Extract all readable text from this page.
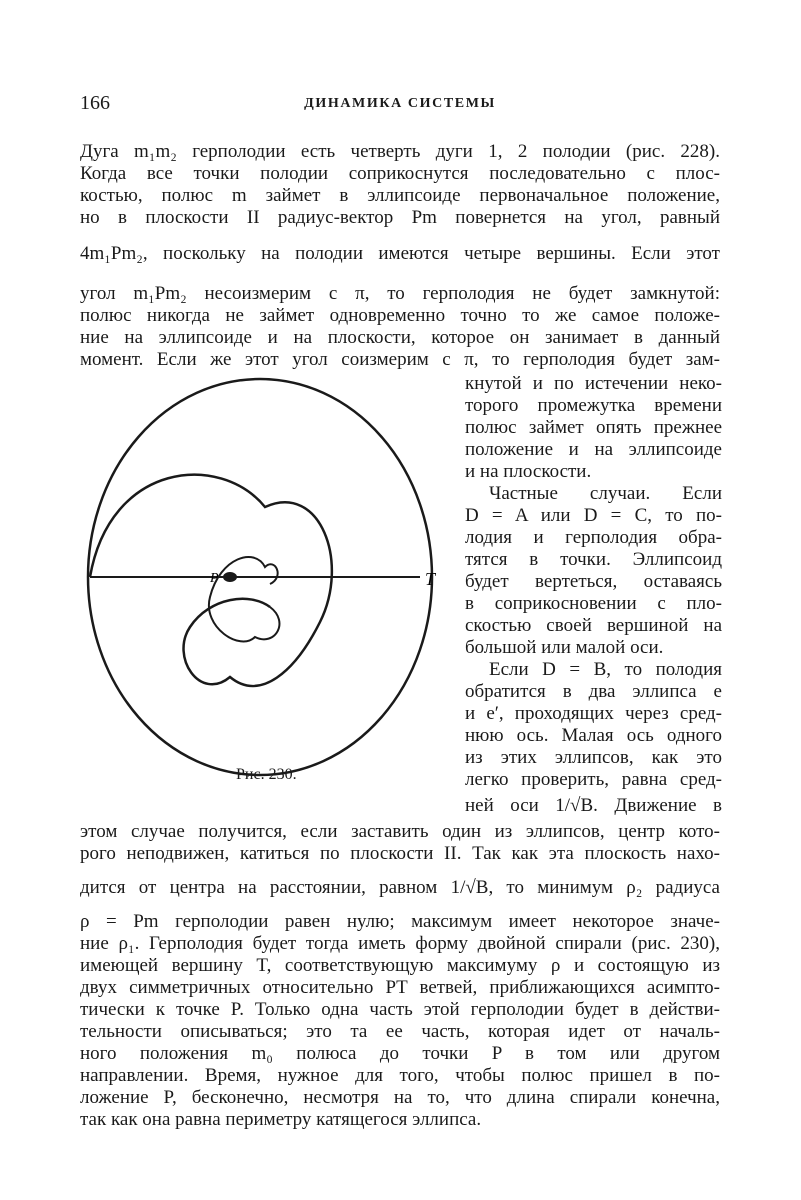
166	ДИНАМИКА СИСТЕМЫ
Дуга m₁m₂ герполодии есть четверть дуги 1, 2 полодии (рис. 228).
Когда все точки полодии соприкоснутся последовательно с плос-
костью, полюс m займет в эллипсоиде первоначальное положение,
но в плоскости II радиус-вектор Pm повернется на угол, равный
4m₁Pm₂, поскольку на полодии имеются четыре вершины. Если этот
угол m₁Pm₂ несоизмерим с π, то герполодия не будет замкнутой:
полюс никогда не займет одновременно точно то же самое положе-
ние на эллипсоиде и на плоскости, которое он занимает в данный
момент. Если же этот угол соизмерим с π, то герполодия будет зам-
кнутой и по истечении неко-
торого промежутка времени
полюс займет опять прежнее
положение и на эллипсоиде
и на плоскости.
Частные случаи. Если
D = A или D = C, то по-
лодия и герполодия обра-
тятся в точки. Эллипсоид
будет вертеться, оставаясь
в соприкосновении с пло-
скостью своей вершиной на
большой или малой оси.
Если D = B, то полодия
обратится в два эллипса e
и e′, проходящих через сред-
нюю ось. Малая ось одного
из этих эллипсов, как это
легко проверить, равна сред-
ней оси 1/√B. Движение в
этом случае получится, если заставить один из эллипсов, центр кото-
рого неподвижен, катиться по плоскости II. Так как эта плоскость нахо-
дится от центра на расстоянии, равном 1/√B, то минимум ρ₂ радиуса
ρ = Pm герполодии равен нулю; максимум имеет некоторое значе-
ние ρ₁. Герполодия будет тогда иметь форму двойной спирали (рис. 230),
имеющей вершину T, соответствующую максимуму ρ и состоящую из
двух симметричных относительно PT ветвей, приближающихся асимпто-
тически к точке P. Только одна часть этой герполодии будет в действи-
тельности описываться; это та ее часть, которая идет от началь-
ного положения m₀ полюса до точки P в том или другом
направлении. Время, нужное для того, чтобы полюс пришел в по-
ложение P, бесконечно, несмотря на то, что длина спирали конечна,
так как она равна периметру катящегося эллипса.
P	T
Рис. 230.
